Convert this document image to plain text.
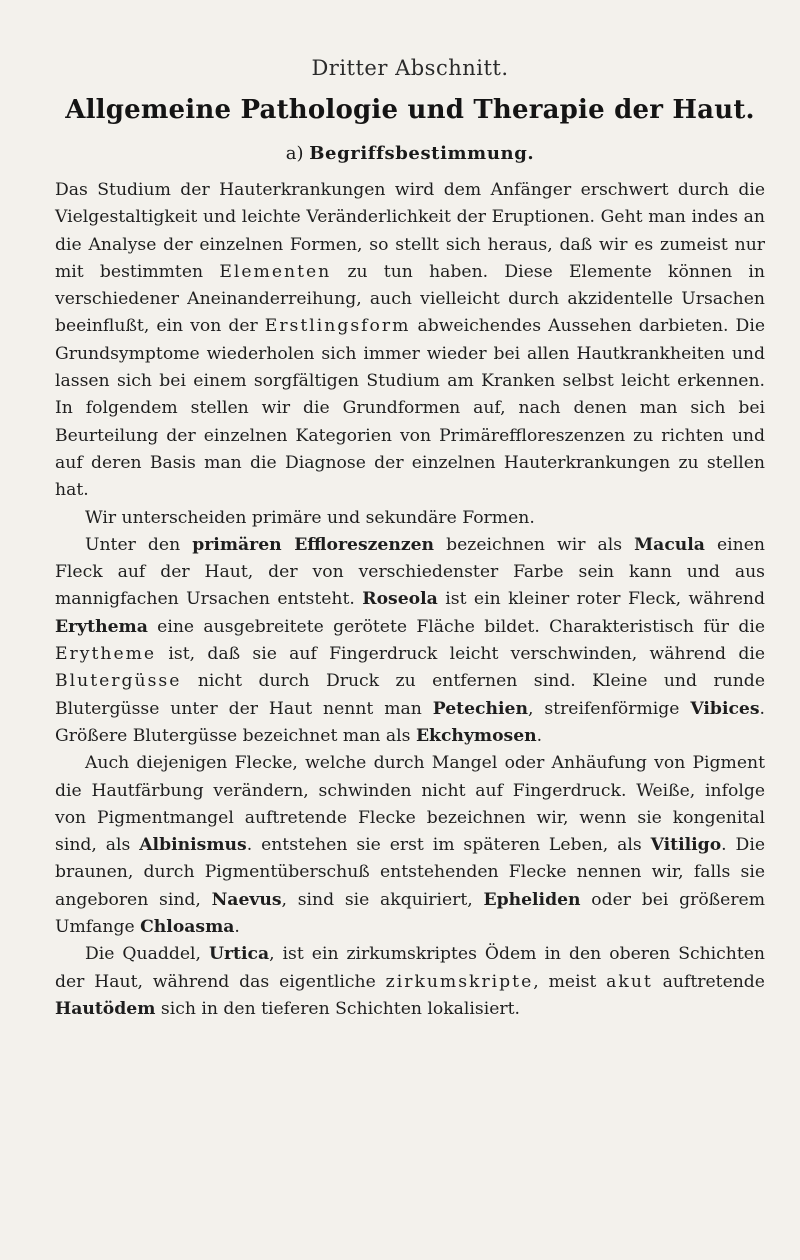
Dritter Abschnitt.
Allgemeine Pathologie und Therapie der Haut.
a) Begriffsbestimmung.

Das Studium der Hauterkrankungen wird dem Anfänger erschwert durch die Vielgestaltigkeit und leichte Veränderlichkeit der Eruptionen. Geht man indes an die Analyse der einzelnen Formen, so stellt sich heraus, daß wir es zumeist nur mit bestimmten Elementen zu tun haben. Diese Elemente können in verschiedener Aneinanderreihung, auch vielleicht durch akzidentelle Ursachen beeinflußt, ein von der Erstlingsform abweichendes Aussehen darbieten. Die Grundsymptome wiederholen sich immer wieder bei allen Hautkrankheiten und lassen sich bei einem sorgfältigen Studium am Kranken selbst leicht erkennen. In folgendem stellen wir die Grundformen auf, nach denen man sich bei Beurteilung der einzelnen Kategorien von Primäreffloreszenzen zu richten und auf deren Basis man die Diagnose der einzelnen Hauterkrankungen zu stellen hat.

Wir unterscheiden primäre und sekundäre Formen.

Unter den primären Effloreszenzen bezeichnen wir als Macula einen Fleck auf der Haut, der von verschiedenster Farbe sein kann und aus mannigfachen Ursachen entsteht. Roseola ist ein kleiner roter Fleck, während Erythema eine ausgebreitete gerötete Fläche bildet. Charakteristisch für die Erytheme ist, daß sie auf Fingerdruck leicht verschwinden, während die Blutergüsse nicht durch Druck zu entfernen sind. Kleine und runde Blutergüsse unter der Haut nennt man Petechien, streifenförmige Vibices. Größere Blutergüsse bezeichnet man als Ekchymosen.

Auch diejenigen Flecke, welche durch Mangel oder Anhäufung von Pigment die Hautfärbung verändern, schwinden nicht auf Fingerdruck. Weiße, infolge von Pigmentmangel auftretende Flecke bezeichnen wir, wenn sie kongenital sind, als Albinismus. entstehen sie erst im späteren Leben, als Vitiligo. Die braunen, durch Pigmentüberschuß entstehenden Flecke nennen wir, falls sie angeboren sind, Naevus, sind sie akquiriert, Epheliden oder bei größerem Umfange Chloasma.

Die Quaddel, Urtica, ist ein zirkumskriptes Ödem in den oberen Schichten der Haut, während das eigentliche zirkumskripte, meist akut auftretende Hautödem sich in den tieferen Schichten lokalisiert.
